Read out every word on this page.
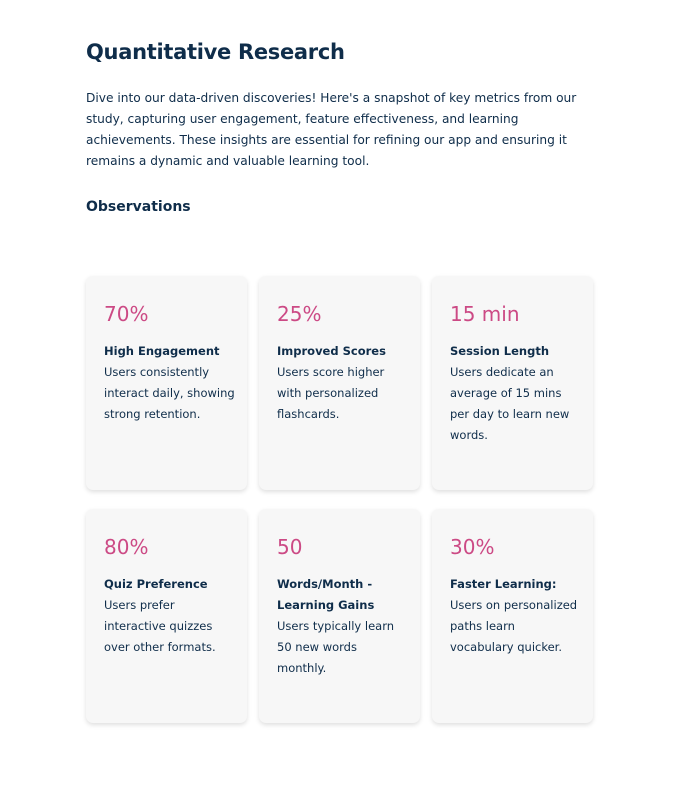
Quantitative Research

Dive into our data-driven discoveries! Here's a snapshot of key metrics from our study, capturing user engagement, feature effectiveness, and learning achievements. These insights are essential for refining our app and ensuring it remains a dynamic and valuable learning tool.

Observations
70%
High Engagement
Users consistently interact daily, showing strong retention.
25%
Improved Scores
Users score higher with personalized flashcards.
15 min
Session Length
Users dedicate an average of 15 mins per day to learn new words.
80%
Quiz Preference
Users prefer interactive quizzes over other formats.
50
Words/Month - Learning Gains
Users typically learn 50 new words monthly.
30%
Faster Learning:
Users on personalized paths learn vocabulary quicker.
